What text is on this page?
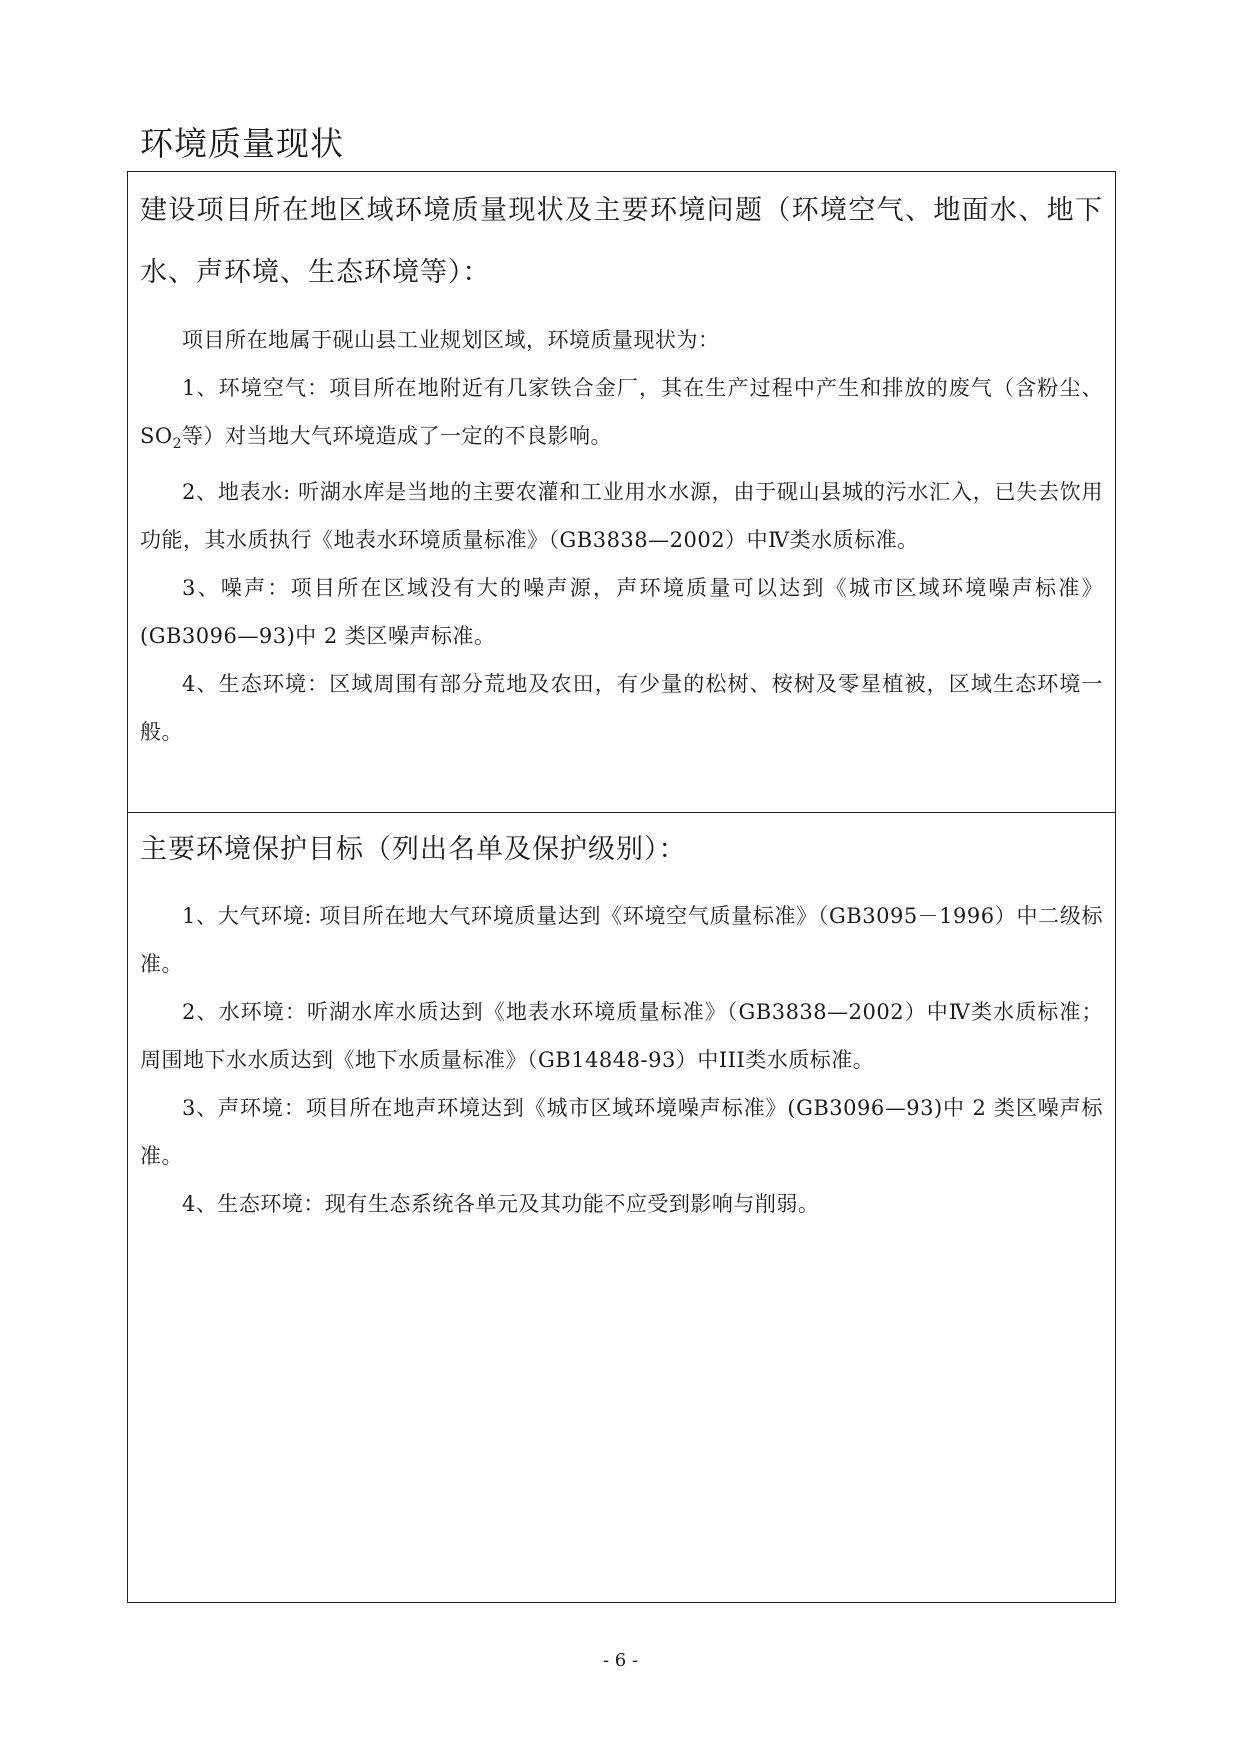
环境质量现状

建设项目所在地区域环境质量现状及主要环境问题（环境空气、地面水、地下水、声环境、生态环境等）：

项目所在地属于砚山县工业规划区域，环境质量现状为：

1、环境空气：项目所在地附近有几家铁合金厂，其在生产过程中产生和排放的废气（含粉尘、$SO_2$等）对当地大气环境造成了一定的不良影响。

2、地表水: 听湖水库是当地的主要农灌和工业用水水源，由于砚山县城的污水汇入，已失去饮用功能，其水质执行《地表水环境质量标准》（GB3838—2002）中Ⅳ类水质标准。

3、噪声：项目所在区域没有大的噪声源，声环境质量可以达到《城市区域环境噪声标准》(GB3096—93)中 2 类区噪声标准。

4、生态环境：区域周围有部分荒地及农田，有少量的松树、桉树及零星植被，区域生态环境一般。

主要环境保护目标（列出名单及保护级别）：

1、大气环境: 项目所在地大气环境质量达到《环境空气质量标准》（GB3095－1996）中二级标准。

2、水环境：听湖水库水质达到《地表水环境质量标准》（GB3838—2002）中Ⅳ类水质标准；周围地下水水质达到《地下水质量标准》（GB14848-93）中III类水质标准。

3、声环境：项目所在地声环境达到《城市区域环境噪声标准》(GB3096—93)中 2 类区噪声标准。

4、生态环境：现有生态系统各单元及其功能不应受到影响与削弱。

- 6 -
